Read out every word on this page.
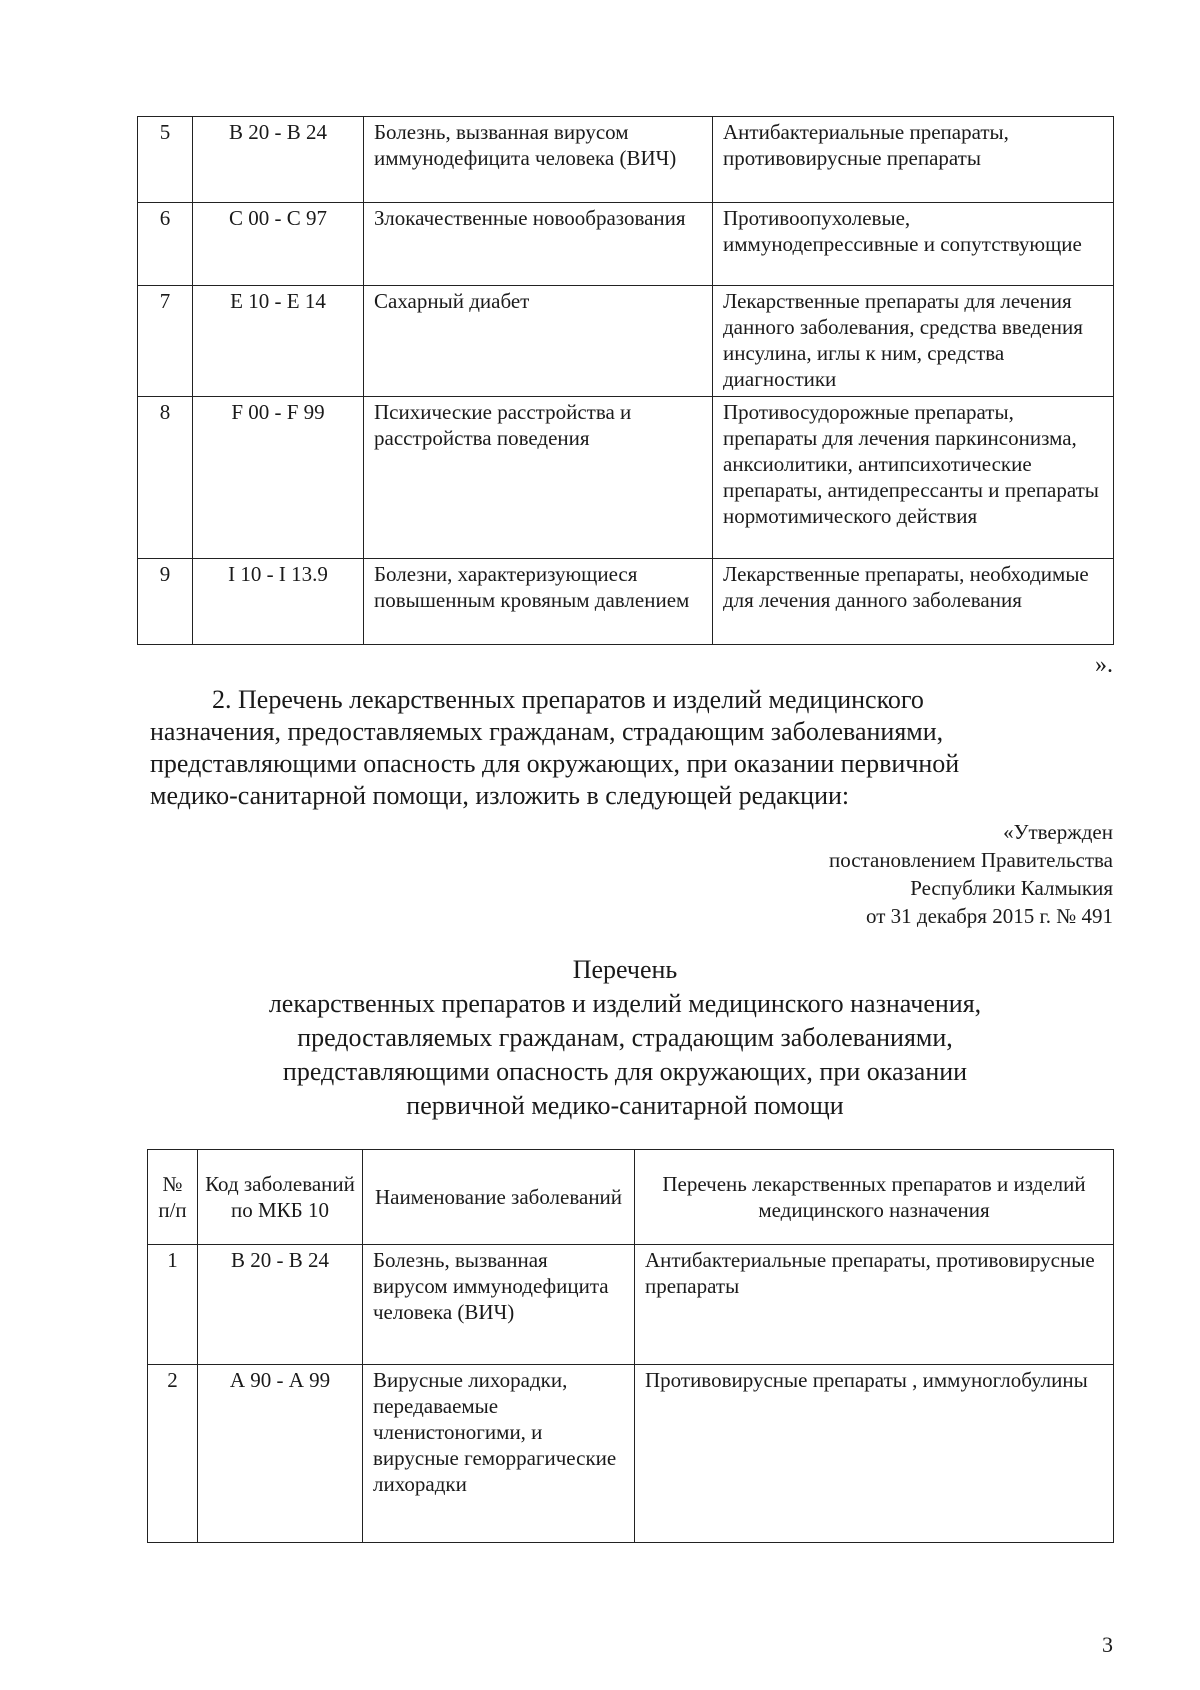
5	В 20 - В 24	Болезнь, вызванная вирусом иммунодефицита человека (ВИЧ)	Антибактериальные препараты, противовирусные препараты
6	С 00 - С 97	Злокачественные новообразования	Противоопухолевые, иммунодепрессивные и сопутствующие
7	Е 10 - Е 14	Сахарный диабет	Лекарственные препараты для лечения данного заболевания, средства введения инсулина, иглы к ним, средства диагностики
8	F 00 - F 99	Психические расстройства и расстройства поведения	Противосудорожные препараты, препараты для лечения паркинсонизма, анксиолитики, антипсихотические препараты, антидепрессанты и препараты нормотимического действия
9	I 10 - I 13.9	Болезни, характеризующиеся повышенным кровяным давлением	Лекарственные препараты, необходимые для лечения данного заболевания
».

2. Перечень лекарственных препаратов и изделий медицинского

назначения, предоставляемых гражданам, страдающим заболеваниями,

представляющими опасность для окружающих, при оказании первичной

медико-санитарной помощи, изложить в следующей редакции:

«Утвержден
постановлением Правительства
Республики Калмыкия
от 31 декабря 2015 г. № 491
Перечень
лекарственных препаратов и изделий медицинского назначения,
предоставляемых гражданам, страдающим заболеваниями,
представляющими опасность для окружающих, при оказании
первичной медико-санитарной помощи
№ п/п	Код заболеваний по МКБ 10	Наименование заболеваний	Перечень лекарственных препаратов и изделий медицинского назначения
1	В 20 - В 24	Болезнь, вызванная вирусом иммунодефицита человека (ВИЧ)	Антибактериальные препараты, противовирусные препараты
2	А 90 - А 99	Вирусные лихорадки, передаваемые членистоногими, и вирусные геморрагические лихорадки	Противовирусные препараты , иммуноглобулины
3
